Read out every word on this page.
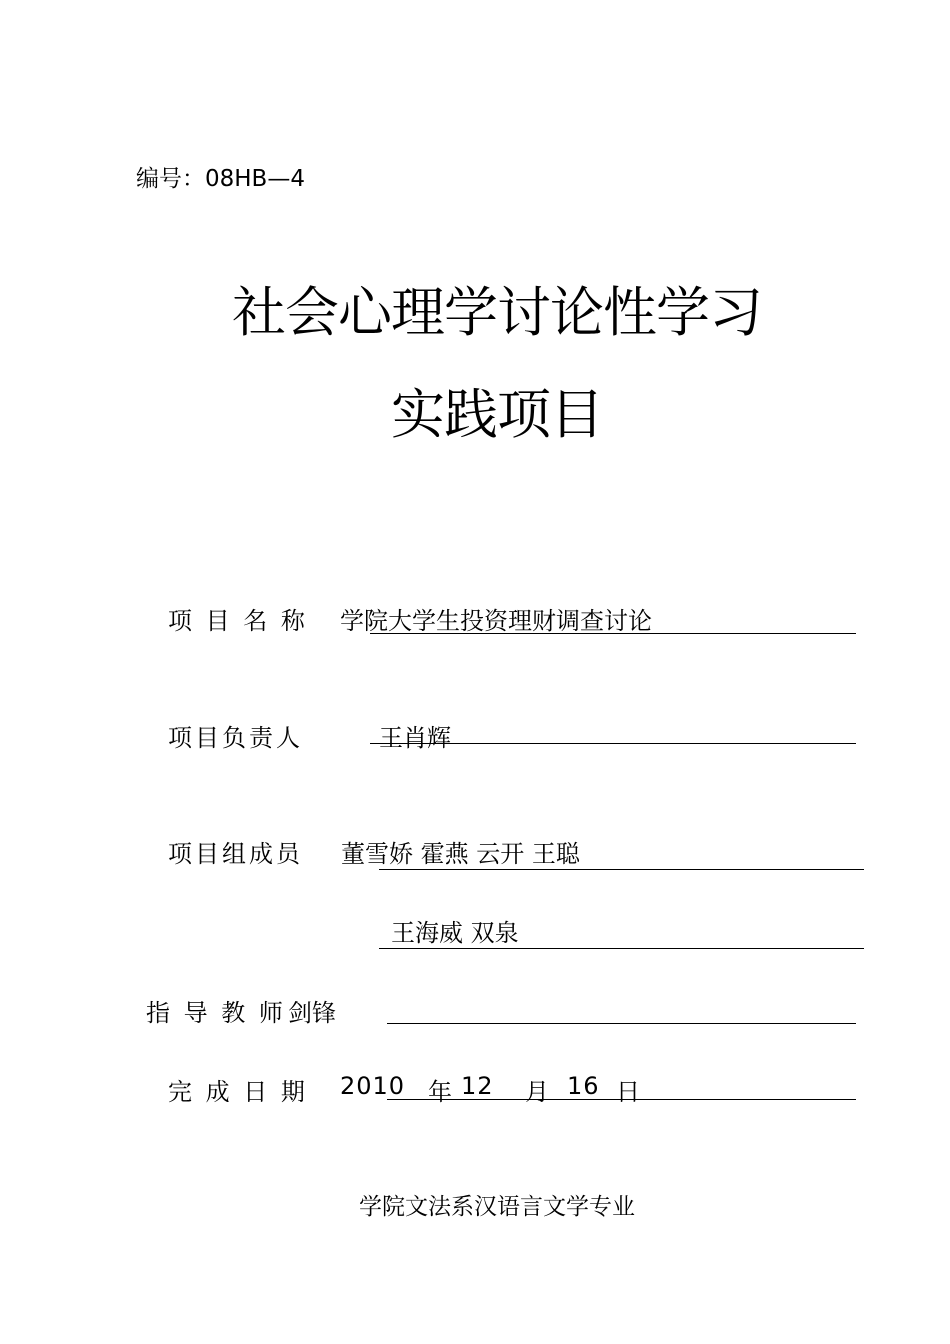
编号：08HB—4
社会心理学讨论性学习
实践项目
项 目 名 称 学院大学生投资理财调查讨论
项目负责人	王肖辉
项目组成员 董雪娇 霍燕 云开 王聪
王海威 双泉
指 导 教 师 剑锋
完 成 日 期 2010 年 12 月 16 日
学院文法系汉语言文学专业
